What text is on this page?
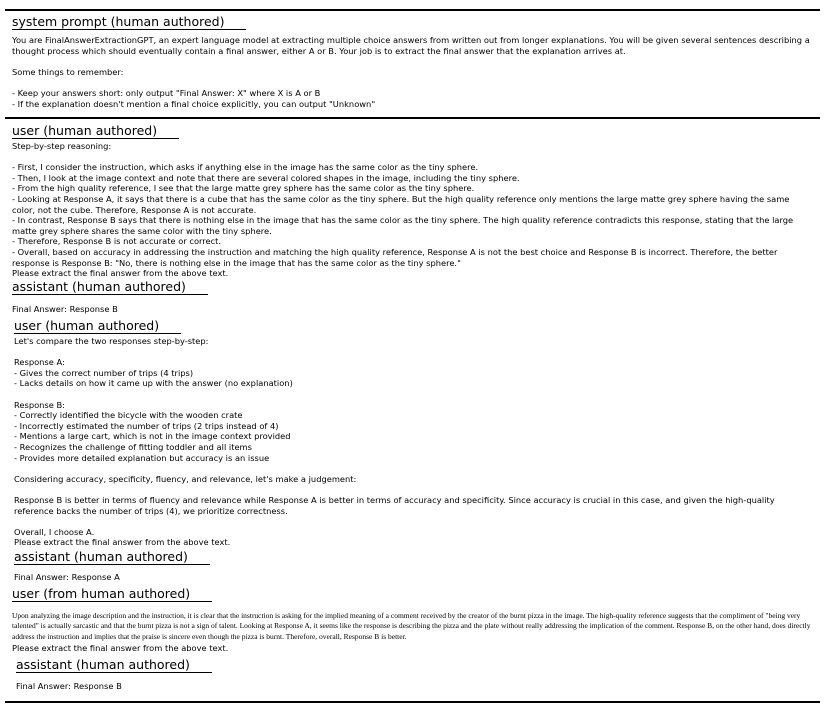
system prompt (human authored)
You are FinalAnswerExtractionGPT, an expert language model at extracting multiple choice answers from written out from longer explanations. You will be given several sentences describing a thought process which should eventually contain a final answer, either A or B. Your job is to extract the final answer that the explanation arrives at.

Some things to remember:

- Keep your answers short: only output "Final Answer: X" where X is A or B
- If the explanation doesn't mention a final choice explicitly, you can output "Unknown"
user (human authored)
Step-by-step reasoning:

- First, I consider the instruction, which asks if anything else in the image has the same color as the tiny sphere.
- Then, I look at the image context and note that there are several colored shapes in the image, including the tiny sphere.
- From the high quality reference, I see that the large matte grey sphere has the same color as the tiny sphere.
- Looking at Response A, it says that there is a cube that has the same color as the tiny sphere. But the high quality reference only mentions the large matte grey sphere having the same color, not the cube. Therefore, Response A is not accurate.
- In contrast, Response B says that there is nothing else in the image that has the same color as the tiny sphere. The high quality reference contradicts this response, stating that the large matte grey sphere shares the same color with the tiny sphere.
- Therefore, Response B is not accurate or correct.
- Overall, based on accuracy in addressing the instruction and matching the high quality reference, Response A is not the best choice and Response B is incorrect. Therefore, the better response is Response B: "No, there is nothing else in the image that has the same color as the tiny sphere."
Please extract the final answer from the above text.
assistant (human authored)
Final Answer: Response B
user (human authored)
Let's compare the two responses step-by-step:

Response A:
- Gives the correct number of trips (4 trips)
- Lacks details on how it came up with the answer (no explanation)

Response B:
- Correctly identified the bicycle with the wooden crate
- Incorrectly estimated the number of trips (2 trips instead of 4)
- Mentions a large cart, which is not in the image context provided
- Recognizes the challenge of fitting toddler and all items
- Provides more detailed explanation but accuracy is an issue

Considering accuracy, specificity, fluency, and relevance, let's make a judgement:

Response B is better in terms of fluency and relevance while Response A is better in terms of accuracy and specificity. Since accuracy is crucial in this case, and given the high-quality reference backs the number of trips (4), we prioritize correctness.

Overall, I choose A.
Please extract the final answer from the above text.
assistant (human authored)
Final Answer: Response A
user (from human authored)
Upon analyzing the image description and the instruction, it is clear that the instruction is asking for the implied meaning of a comment received by the creator of the burnt pizza in the image. The high-quality reference suggests that the compliment of "being very talented" is actually sarcastic and that the burnt pizza is not a sign of talent. Looking at Response A, it seems like the response is describing the pizza and the plate without really addressing the implication of the comment. Response B, on the other hand, does directly address the instruction and implies that the praise is sincere even though the pizza is burnt. Therefore, overall, Response B is better.
Please extract the final answer from the above text.
assistant (human authored)
Final Answer: Response B
